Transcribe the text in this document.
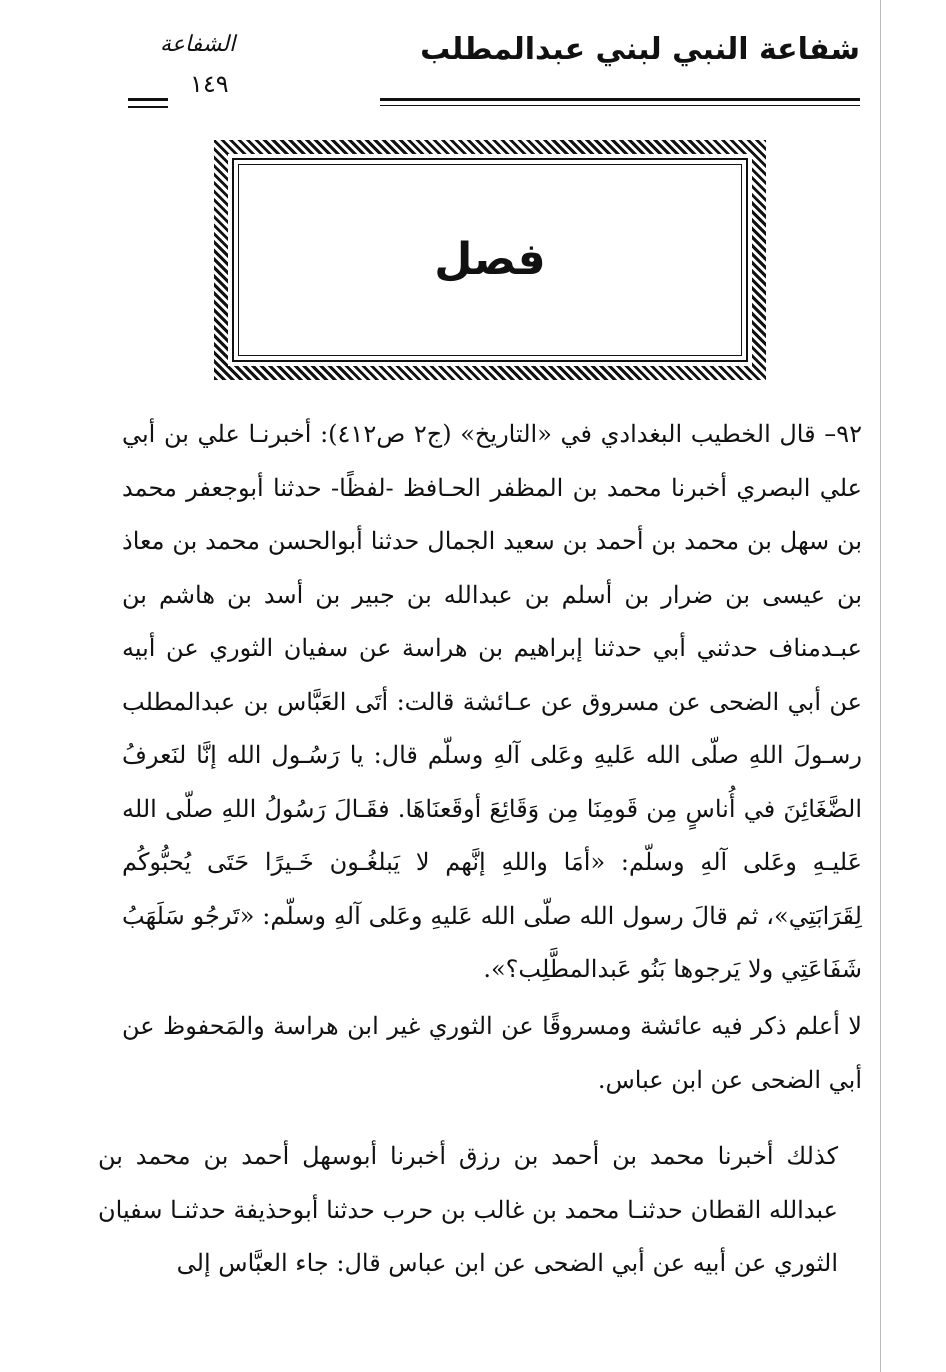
شفاعة النبي لبني عبدالمطلب
الشفاعة
١٤٩
فصل
٩٢– قال الخطيب البغدادي في «التاريخ» (ج٢ ص٤١٢): أخبرنـا علي بن أبي علي البصري أخبرنا محمد بن المظفر الحـافظ -لفظًا- حدثنا أبوجعفر محمد بن سهل بن محمد بن أحمد بن سعيد الجمال حدثنا أبوالحسن محمد بن معاذ بن عيسى بن ضرار بن أسلم بن عبدالله بن جبير بن أسد بن هاشم بن عبـدمناف حدثني أبي حدثنا إبراهيم بن هراسة عن سفيان الثوري عن أبيه عن أبي الضحى عن مسروق عن عـائشة قالت: أتَى العَبَّاس بن عبدالمطلب رسـولَ اللهِ صلّى الله عَليهِ وعَلى آلهِ وسلّم قال: يا رَسُـول الله إنَّا لنَعرفُ الضَّغَائِنَ في أُناسٍ مِن قَومِنَا مِن وَقَائِعَ أوقَعنَاهَا. فقَـالَ رَسُولُ اللهِ صلّى الله عَليـهِ وعَلى آلهِ وسلّم: «أمَا واللهِ إنَّهم لا يَبلغُـون خَـيرًا حَتَى يُحبُّوكُم لِقَرَابَتِي»، ثم قالَ رسول الله صلّى الله عَليهِ وعَلى آلهِ وسلّم: «تَرجُو سَلَهَبُ شَفَاعَتِي ولا يَرجوها بَنُو عَبدالمطَّلِب؟».
لا أعلم ذكر فيه عائشة ومسروقًا عن الثوري غير ابن هراسة والمَحفوظ عن أبي الضحى عن ابن عباس.
كذلك أخبرنا محمد بن أحمد بن رزق أخبرنا أبوسهل أحمد بن محمد بن عبدالله القطان حدثنـا محمد بن غالب بن حرب حدثنا أبوحذيفة حدثنـا سفيان الثوري عن أبيه عن أبي الضحى عن ابن عباس قال: جاء العبَّاس إلى
